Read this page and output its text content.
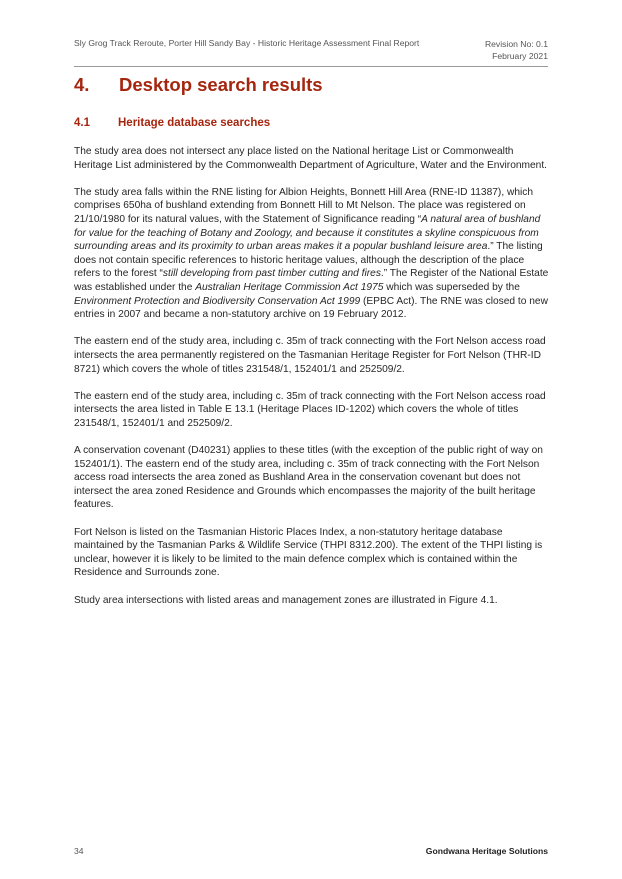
Sly Grog Track Reroute, Porter Hill Sandy Bay - Historic Heritage Assessment Final Report	Revision No: 0.1
February 2021
4. Desktop search results
4.1 Heritage database searches

The study area does not intersect any place listed on the National heritage List or Commonwealth Heritage List administered by the Commonwealth Department of Agriculture, Water and the Environment.

The study area falls within the RNE listing for Albion Heights, Bonnett Hill Area (RNE-ID 11387), which comprises 650ha of bushland extending from Bonnett Hill to Mt Nelson. The place was registered on 21/10/1980 for its natural values, with the Statement of Significance reading “A natural area of bushland for value for the teaching of Botany and Zoology, and because it constitutes a skyline conspicuous from surrounding areas and its proximity to urban areas makes it a popular bushland leisure area.” The listing does not contain specific references to historic heritage values, although the description of the place refers to the forest “still developing from past timber cutting and fires.” The Register of the National Estate was established under the Australian Heritage Commission Act 1975 which was superseded by the Environment Protection and Biodiversity Conservation Act 1999 (EPBC Act). The RNE was closed to new entries in 2007 and became a non-statutory archive on 19 February 2012.

The eastern end of the study area, including c. 35m of track connecting with the Fort Nelson access road intersects the area permanently registered on the Tasmanian Heritage Register for Fort Nelson (THR-ID 8721) which covers the whole of titles 231548/1, 152401/1 and 252509/2.

The eastern end of the study area, including c. 35m of track connecting with the Fort Nelson access road intersects the area listed in Table E 13.1 (Heritage Places ID-1202) which covers the whole of titles 231548/1, 152401/1 and 252509/2.

A conservation covenant (D40231) applies to these titles (with the exception of the public right of way on 152401/1). The eastern end of the study area, including c. 35m of track connecting with the Fort Nelson access road intersects the area zoned as Bushland Area in the conservation covenant but does not intersect the area zoned Residence and Grounds which encompasses the majority of the built heritage features.

Fort Nelson is listed on the Tasmanian Historic Places Index, a non-statutory heritage database maintained by the Tasmanian Parks & Wildlife Service (THPI 8312.200). The extent of the THPI listing is unclear, however it is likely to be limited to the main defence complex which is contained within the Residence and Surrounds zone.

Study area intersections with listed areas and management zones are illustrated in Figure 4.1.

34	Gondwana Heritage Solutions
